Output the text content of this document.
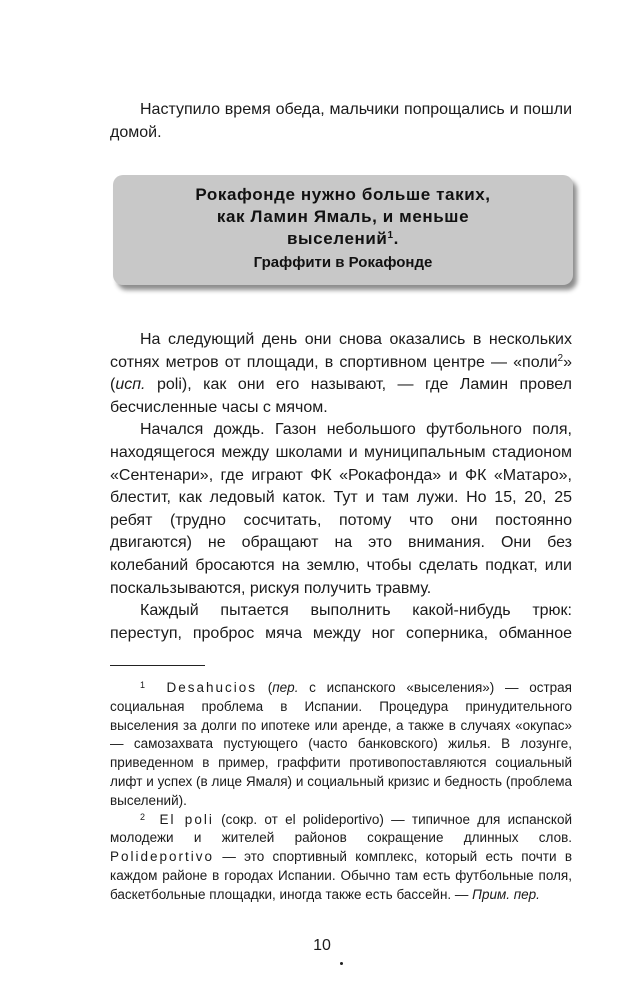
Наступило время обеда, мальчики попрощались и пошли домой.

Рокафонде нужно больше таких,
как Ламин Ямаль, и меньше
выселений$^1$.

Граффити в Рокафонде

На следующий день они снова оказались в нескольких сотнях метров от площади, в спортивном центре — «поли$^2$» (исп. poli), как они его называют, — где Ламин провел бесчисленные часы с мячом.

Начался дождь. Газон небольшого футбольного поля, находящегося между школами и муниципальным стадионом «Сентенари», где играют ФК «Рокафонда» и ФК «Матаро», блестит, как ледовый каток. Тут и там лужи. Но 15, 20, 25 ребят (трудно сосчитать, потому что они постоянно двигаются) не обращают на это внимания. Они без колебаний бросаются на землю, чтобы сделать подкат, или поскальзываются, рискуя получить травму.

Каждый пытается выполнить какой-нибудь трюк: переступ, проброс мяча между ног соперника, обманное

$^1$ Desahucios (пер. с испанского «выселения») — острая социальная проблема в Испании. Процедура принудительного выселения за долги по ипотеке или аренде, а также в случаях «окупас» — самозахвата пустующего (часто банковского) жилья. В лозунге, приведенном в пример, граффити противопоставляются социальный лифт и успех (в лице Ямаля) и социальный кризис и бедность (проблема выселений).

$^2$ El poli (сокр. от el polideportivo) — типичное для испанской молодежи и жителей районов сокращение длинных слов. Polideportivo — это спортивный комплекс, который есть почти в каждом районе в городах Испании. Обычно там есть футбольные поля, баскетбольные площадки, иногда также есть бассейн. — Прим. пер.

10
